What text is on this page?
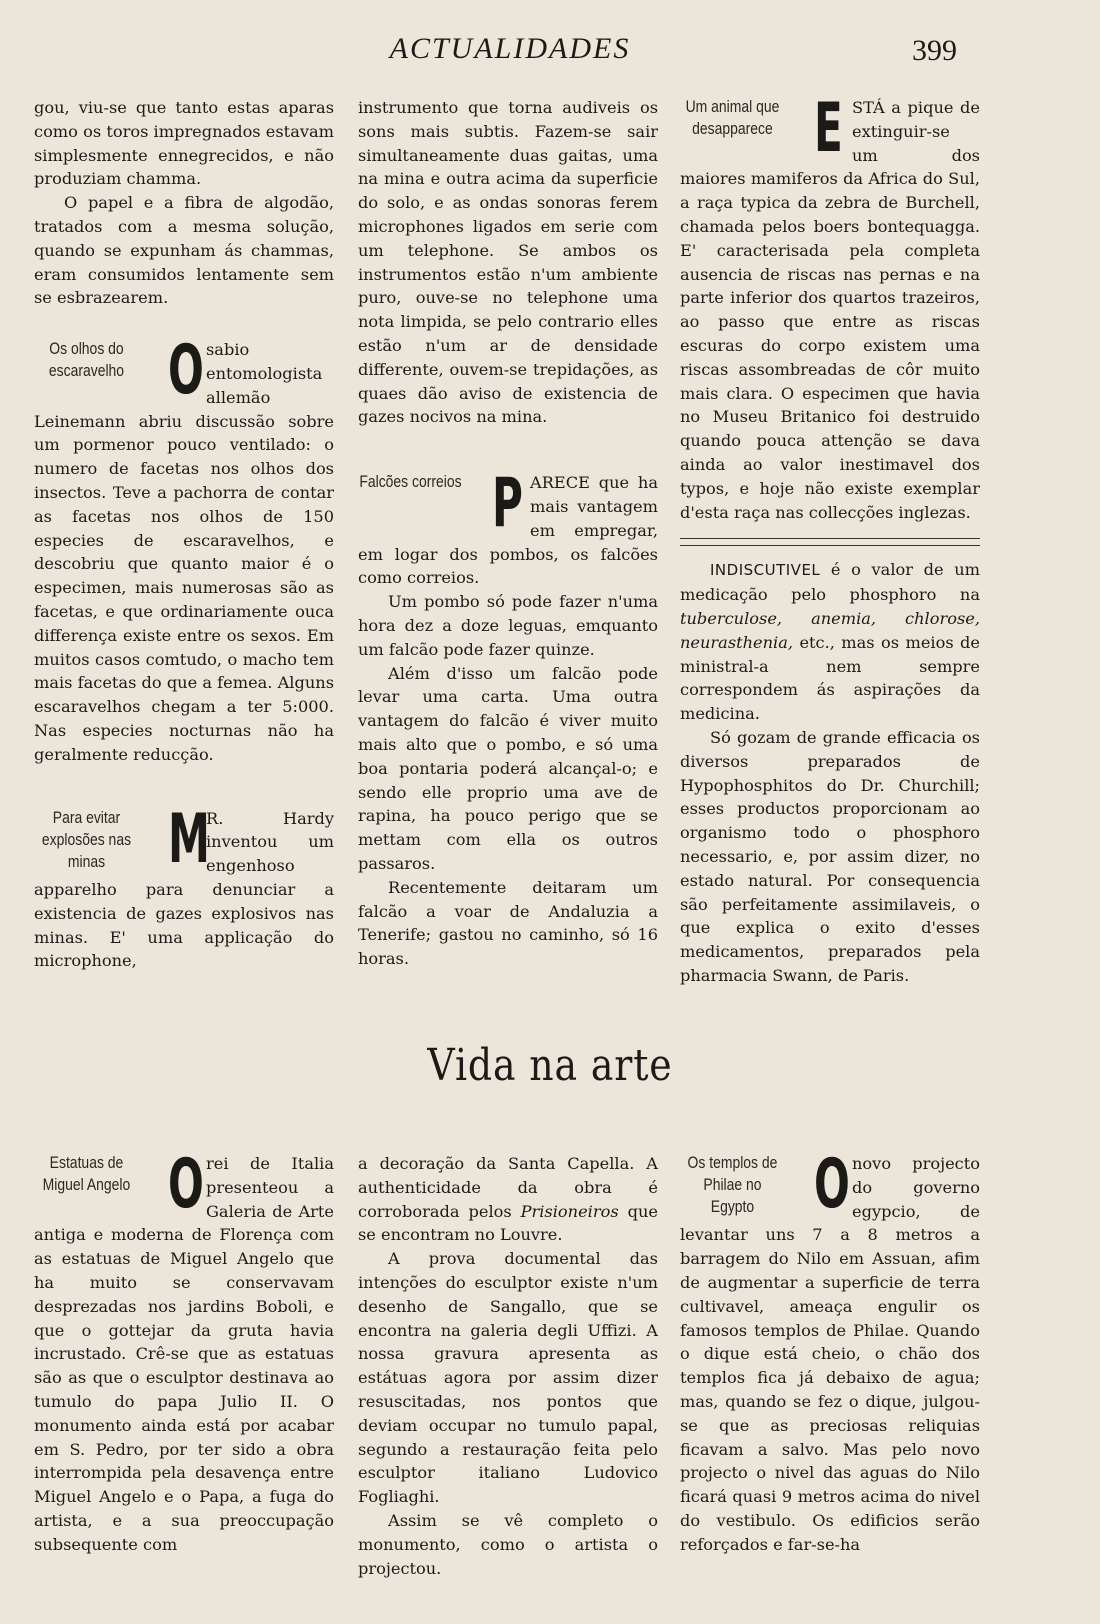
ACTUALIDADES	399

gou, viu-se que tanto estas aparas como os toros impregnados estavam simplesmente ennegrecidos, e não produziam chamma.

O papel e a fibra de algodão, tratados com a mesma solução, quando se expunham ás chammas, eram consumidos lentamente sem se esbrazearem.

Os olhos do escaravelho O sabio entomologista allemão Leinemann abriu discussão sobre um pormenor pouco ventilado: o numero de facetas nos olhos dos insectos. Teve a pachorra de contar as facetas nos olhos de 150 especies de escaravelhos, e descobriu que quanto maior é o especimen, mais numerosas são as facetas, e que ordinariamente ouca differença existe entre os sexos. Em muitos casos comtudo, o macho tem mais facetas do que a femea. Alguns escaravelhos chegam a ter 5:000. Nas especies nocturnas não ha geralmente reducção.

Para evitar explosões nas minas M

R.	Hardy inventou um engenhoso apparelho para denunciar a existencia de gazes explosivos nas minas. E' uma applicação do microphone,

instrumento que torna audiveis os sons mais subtis. Fazem-se sair simultaneamente duas gaitas, uma na mina e outra acima da superficie do solo, e as ondas sonoras ferem microphones ligados em serie com um telephone. Se ambos os instrumentos estão n'um ambiente puro, ouve-se no telephone uma nota limpida, se pelo contrario elles estão n'um ar de densidade differente, ouvem-se trepidações, as quaes dão aviso de existencia de gazes nocivos na mina.

Falcões correios P ARECE que ha mais vantagem em empregar, em logar dos pombos, os falcões como correios.

Um pombo só pode fazer n'uma hora dez a doze leguas, emquanto um falcão pode fazer quinze.

Além d'isso um falcão pode levar uma carta. Uma outra vantagem do falcão é viver muito mais alto que o pombo, e só uma boa pontaria poderá alcançal-o; e sendo elle proprio uma ave de rapina, ha pouco perigo que se mettam com ella os outros passaros.

Recentemente deitaram um falcão a voar de Andaluzia a Tenerife; gastou no caminho, só 16 horas.

Um animal que desapparece E STÁ a pique de extinguir-se um dos maiores mamiferos da Africa do Sul, a raça typica da zebra de Burchell, chamada pelos boers bontequagga. E' caracterisada pela completa ausencia de riscas nas pernas e na parte inferior dos quartos trazeiros, ao passo que entre as riscas escuras do corpo existem uma riscas assombreadas de côr muito mais clara. O especimen que havia no Museu Britanico foi destruido quando pouca attenção se dava ainda ao valor inestimavel dos typos, e hoje não existe exemplar d'esta raça nas collecções inglezas.

INDISCUTIVEL é o valor de um medicação pelo phosphoro na tuberculose, anemia, chlorose, neurasthenia, etc., mas os meios de ministral-a nem sempre correspondem ás aspirações da medicina.

Só gozam de grande efficacia os diversos preparados de Hypophosphitos do Dr. Churchill; esses productos proporcionam ao organismo todo o phosphoro necessario, e, por assim dizer, no estado natural. Por consequencia são perfeitamente assimilaveis, o que explica o exito d'esses medicamentos, preparados pela pharmacia Swann, de Paris.

Vida na arte
Estatuas de Miguel Angelo O rei de Italia presenteou a Galeria de Arte antiga e moderna de Florença com as estatuas de Miguel Angelo que ha muito se conservavam desprezadas nos jardins Boboli, e que o gottejar da gruta havia incrustado. Crê-se que as estatuas são as que o esculptor destinava ao tumulo do papa Julio II. O monumento ainda está por acabar em S. Pedro, por ter sido a obra interrompida pela desavença entre Miguel Angelo e o Papa, a fuga do artista, e a sua preoccupação subsequente com

a decoração da Santa Capella. A authenticidade da obra é corroborada pelos Prisioneiros que se encontram no Louvre.

A prova documental das intenções do esculptor existe n'um desenho de Sangallo, que se encontra na galeria degli Uffizi. A nossa gravura apresenta as estátuas agora por assim dizer resuscitadas, nos pontos que deviam occupar no tumulo papal, segundo a restauração feita pelo esculptor italiano Ludovico Fogliaghi.

Assim se vê completo o monumento, como o artista o projectou.

Os templos de Philae no Egypto O novo projecto do governo egypcio, de levantar uns 7 a 8 metros a barragem do Nilo em Assuan, afim de augmentar a superficie de terra cultivavel, ameaça engulir os famosos templos de Philae. Quando o dique está cheio, o chão dos templos fica já debaixo de agua; mas, quando se fez o dique, julgou-se que as preciosas reliquias ficavam a salvo. Mas pelo novo projecto o nivel das aguas do Nilo ficará quasi 9 metros acima do nivel do vestibulo. Os edificios serão reforçados e far-se-ha
